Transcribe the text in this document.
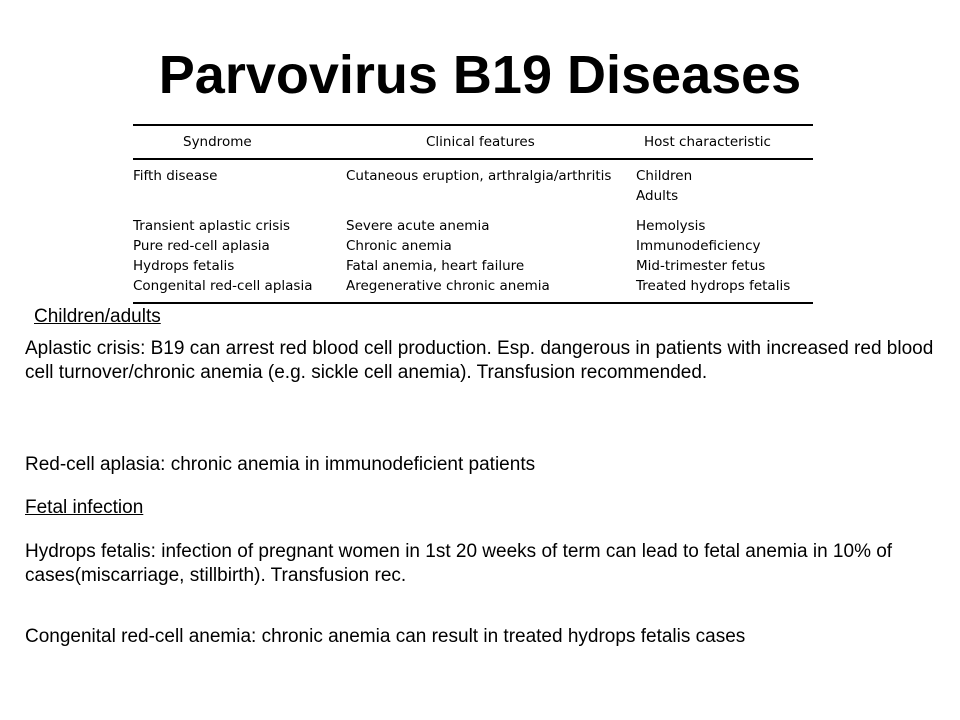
Parvovirus B19 Diseases
Syndrome	Clinical features	Host characteristic
Fifth disease	Cutaneous eruption, arthralgia/arthritis	Children
		Adults
Transient aplastic crisis	Severe acute anemia	Hemolysis
Pure red-cell aplasia	Chronic anemia	Immunodeficiency
Hydrops fetalis	Fatal anemia, heart failure	Mid-trimester fetus
Congenital red-cell aplasia	Aregenerative chronic anemia	Treated hydrops fetalis
Children/adults

Aplastic crisis: B19 can arrest red blood cell production. Esp. dangerous in patients with increased red blood cell turnover/chronic anemia (e.g. sickle cell anemia). Transfusion recommended.

Red-cell aplasia: chronic anemia in immunodeficient patients

Fetal infection

Hydrops fetalis: infection of pregnant women in 1st 20 weeks of term can lead to fetal anemia in 10% of cases(miscarriage, stillbirth). Transfusion rec.

Congenital red-cell anemia: chronic anemia can result in treated hydrops fetalis cases
